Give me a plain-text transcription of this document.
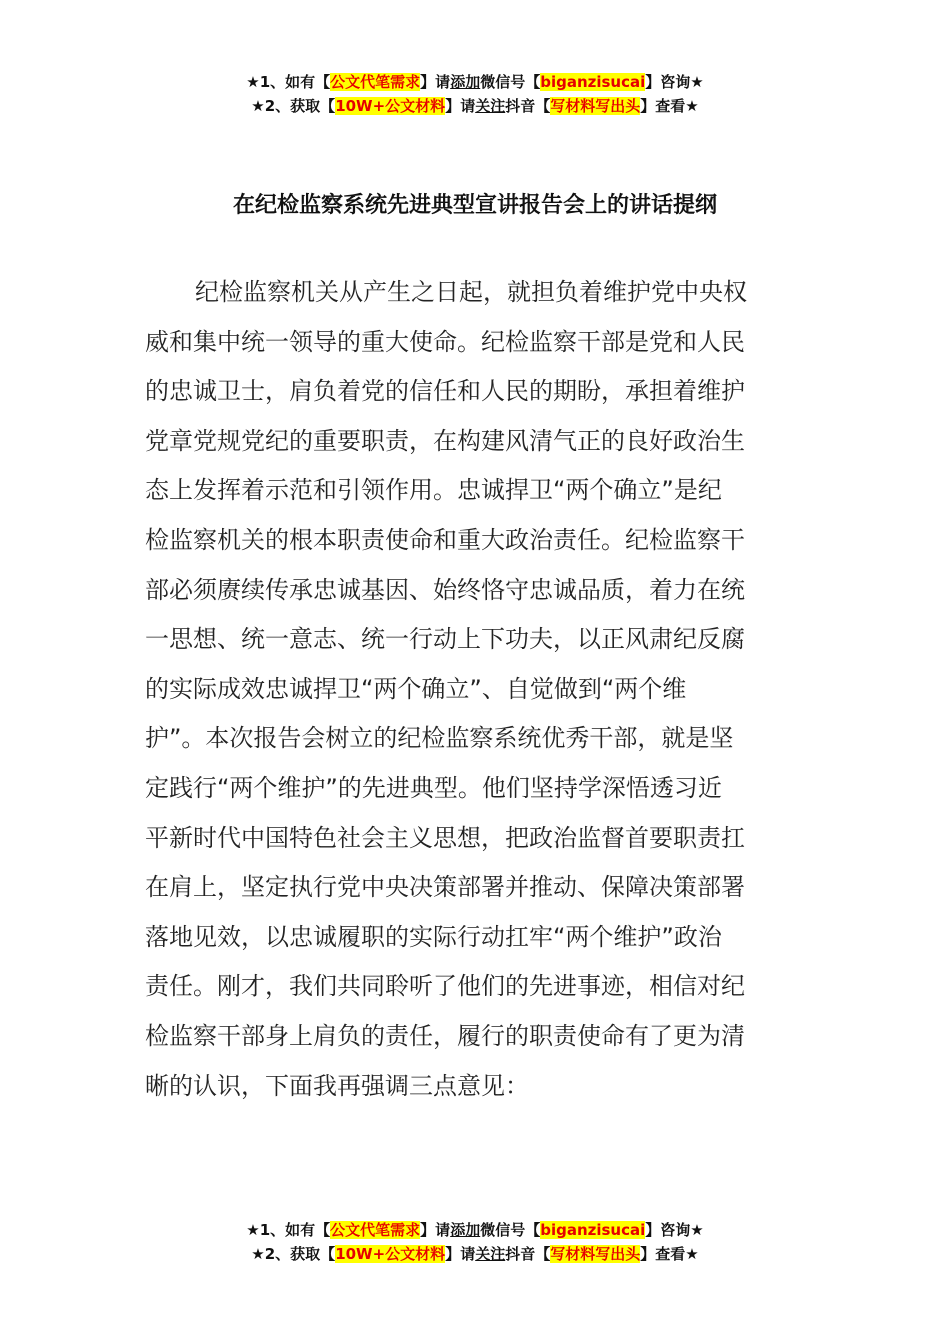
★1、如有【公文代笔需求】请添加微信号【biganzisucai】咨询★
★2、获取【10W+公文材料】请关注抖音【写材料写出头】查看★
在纪检监察系统先进典型宣讲报告会上的讲话提纲
纪检监察机关从产生之日起，就担负着维护党中央权
威和集中统一领导的重大使命。纪检监察干部是党和人民
的忠诚卫士，肩负着党的信任和人民的期盼，承担着维护
党章党规党纪的重要职责，在构建风清气正的良好政治生
态上发挥着示范和引领作用。忠诚捍卫“两个确立”是纪
检监察机关的根本职责使命和重大政治责任。纪检监察干
部必须赓续传承忠诚基因、始终恪守忠诚品质，着力在统
一思想、统一意志、统一行动上下功夫，以正风肃纪反腐
的实际成效忠诚捍卫“两个确立”、自觉做到“两个维
护”。本次报告会树立的纪检监察系统优秀干部，就是坚
定践行“两个维护”的先进典型。他们坚持学深悟透习近
平新时代中国特色社会主义思想，把政治监督首要职责扛
在肩上，坚定执行党中央决策部署并推动、保障决策部署
落地见效，以忠诚履职的实际行动扛牢“两个维护”政治
责任。刚才，我们共同聆听了他们的先进事迹，相信对纪
检监察干部身上肩负的责任，履行的职责使命有了更为清
晰的认识，下面我再强调三点意见：
★1、如有【公文代笔需求】请添加微信号【biganzisucai】咨询★
★2、获取【10W+公文材料】请关注抖音【写材料写出头】查看★
